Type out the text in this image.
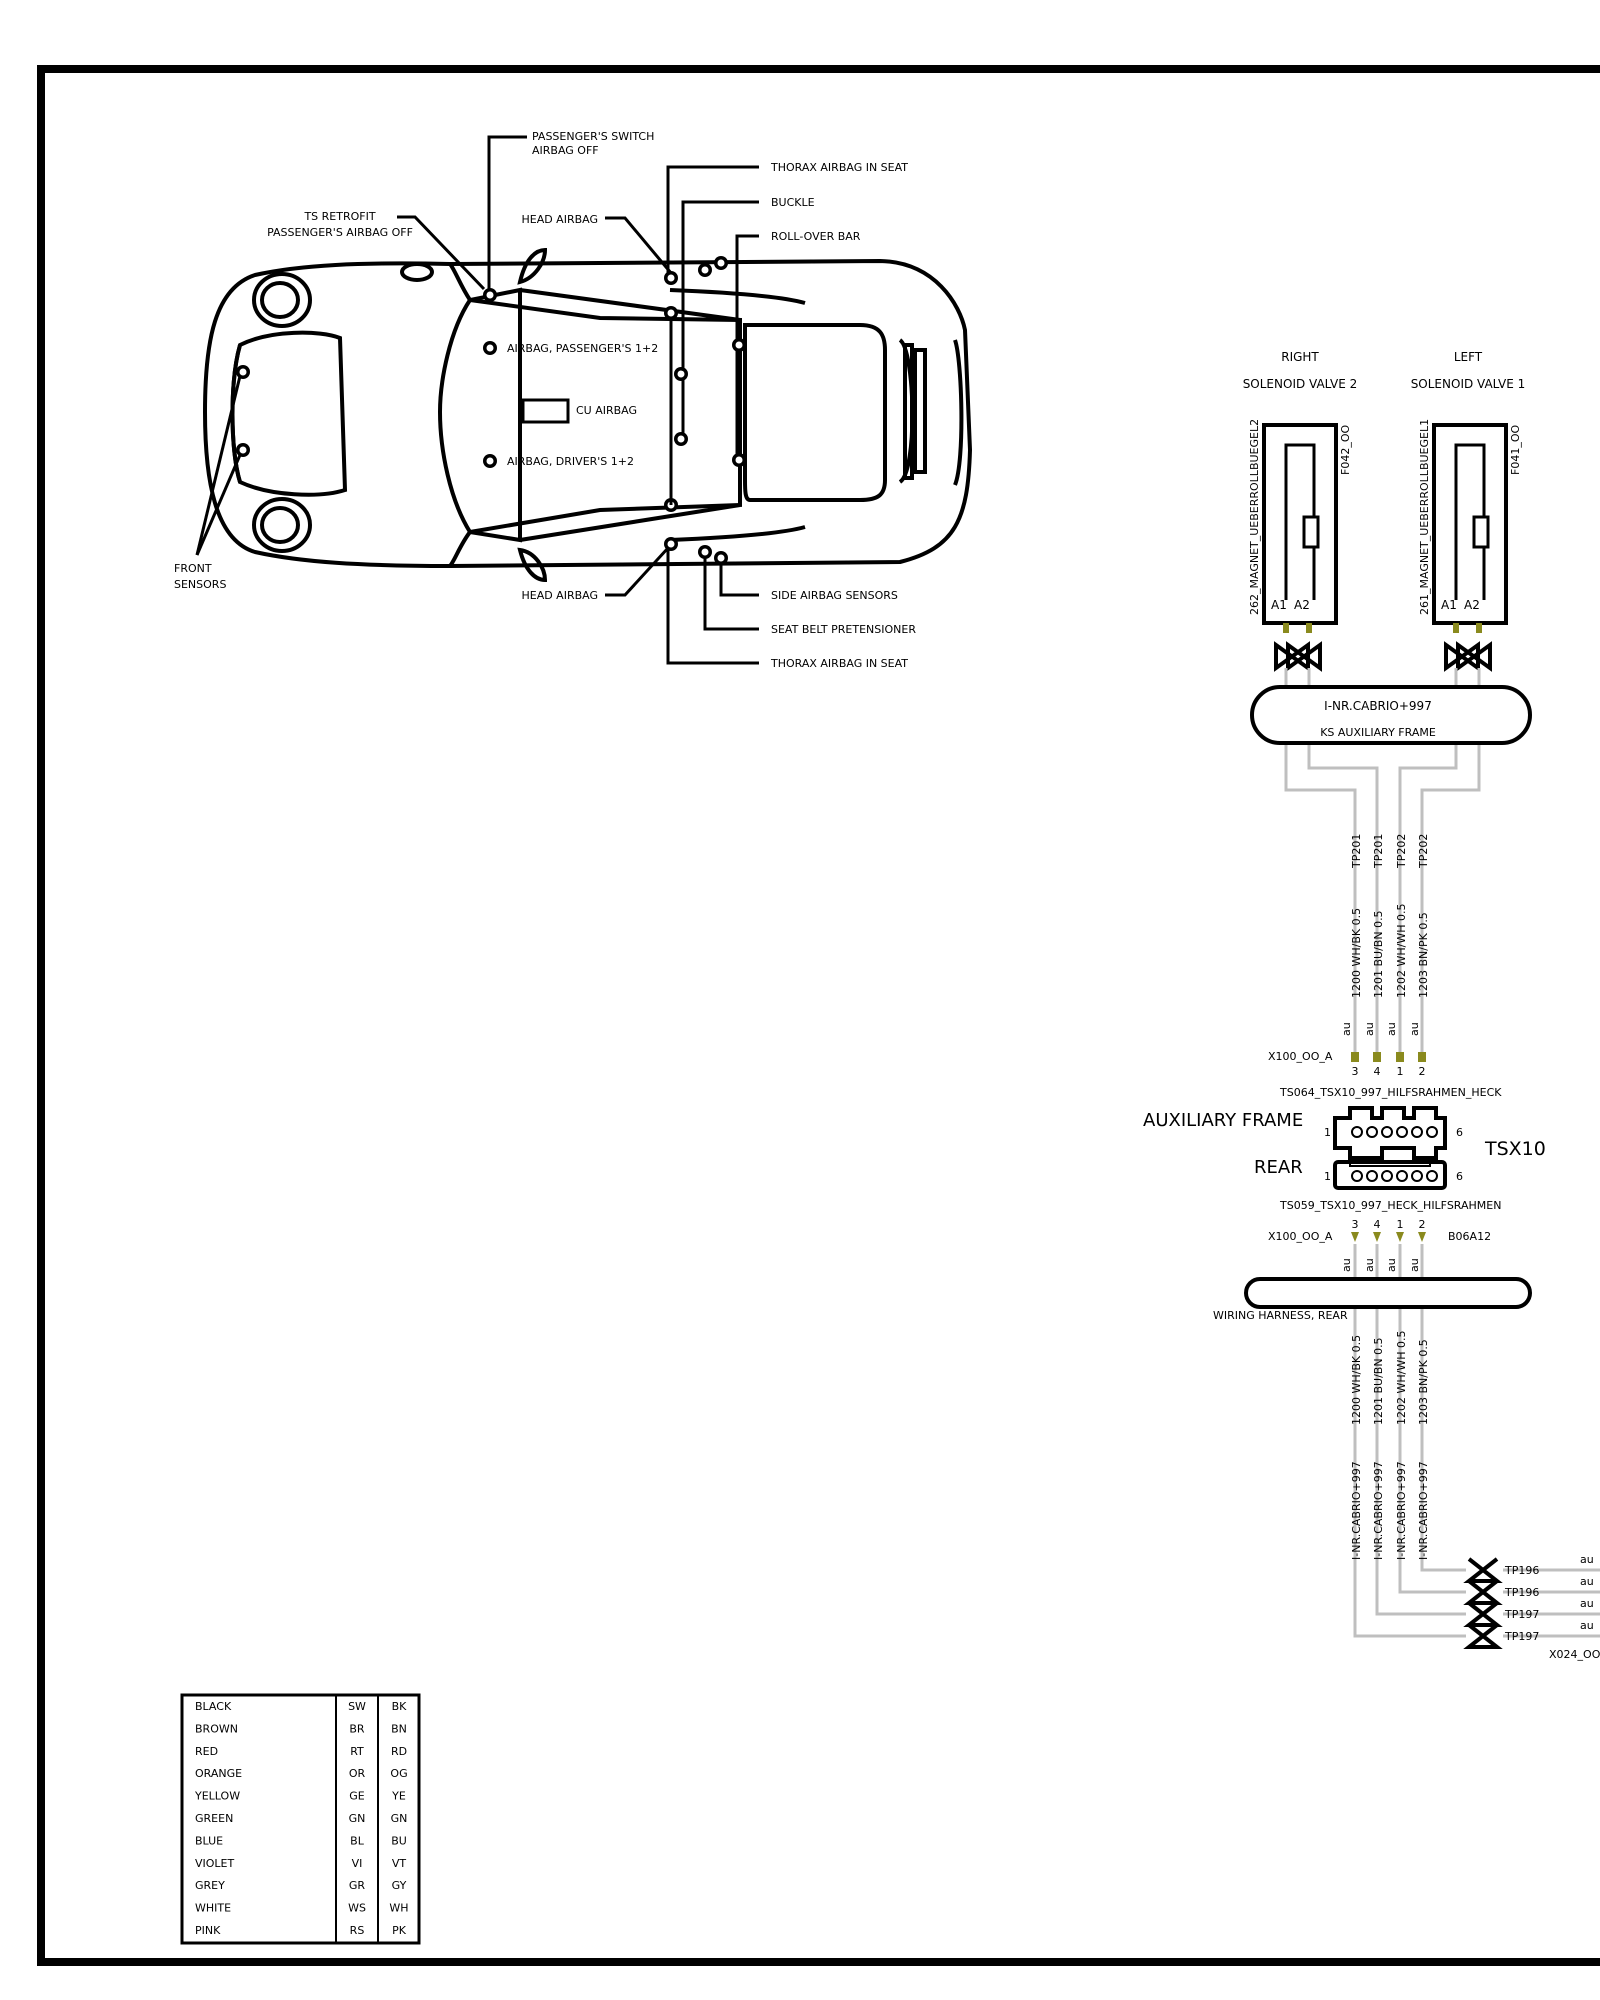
PASSENGER'S SWITCH
AIRBAG OFF
THORAX AIRBAG IN SEAT
BUCKLE
ROLL-OVER BAR
TS RETROFIT
PASSENGER'S AIRBAG OFF
HEAD AIRBAG
AIRBAG, PASSENGER'S 1+2
CU AIRBAG
AIRBAG, DRIVER'S 1+2
FRONT
SENSORS
HEAD AIRBAG	SIDE AIRBAG SENSORS
SEAT BELT PRETENSIONER
THORAX AIRBAG IN SEAT
RIGHT	LEFT
SOLENOID VALVE 2	SOLENOID VALVE 1
262_MAGNET_UEBERROLLBUEGEL2	F042_OO
A1 A2	261_MAGNET_UEBERROLLBUEGEL1	F041_OO
A1 A2
I-NR.CABRIO+997
KS AUXILIARY FRAME
TP201 TP201 TP202 TP202
1200 WH/BK 0.5 1201 BU/BN 0.5 1202 WH/WH 0.5 1203 BN/PK 0.5
au au au au
X100_OO_A
3 4 1 2
TS064_TSX10_997_HILFSRAHMEN_HECK
1	6
AUXILIARY FRAME
REAR
TSX10
1	6
TS059_TSX10_997_HECK_HILFSRAHMEN
3 4 1 2
X100_OO_A	B06A12
au au au au
WIRING HARNESS, REAR
1200 WH/BK 0.5 1201 BU/BN 0.5 1202 WH/WH 0.5 1203 BN/PK 0.5
I-NR.CABRIO+997 I-NR.CABRIO+997 I-NR.CABRIO+997 I-NR.CABRIO+997
TP196
TP196
TP197
TP197
au
au
au
au
X024_OO
BLACK	SW BK
BROWN	BR BN
RED	RT RD
ORANGE	OR OG
YELLOW	GE YE
GREEN	GN GN
BLUE	BL BU
VIOLET	VI	VT
GREY	GR GY
WHITE	WS WH
PINK	RS	PK
